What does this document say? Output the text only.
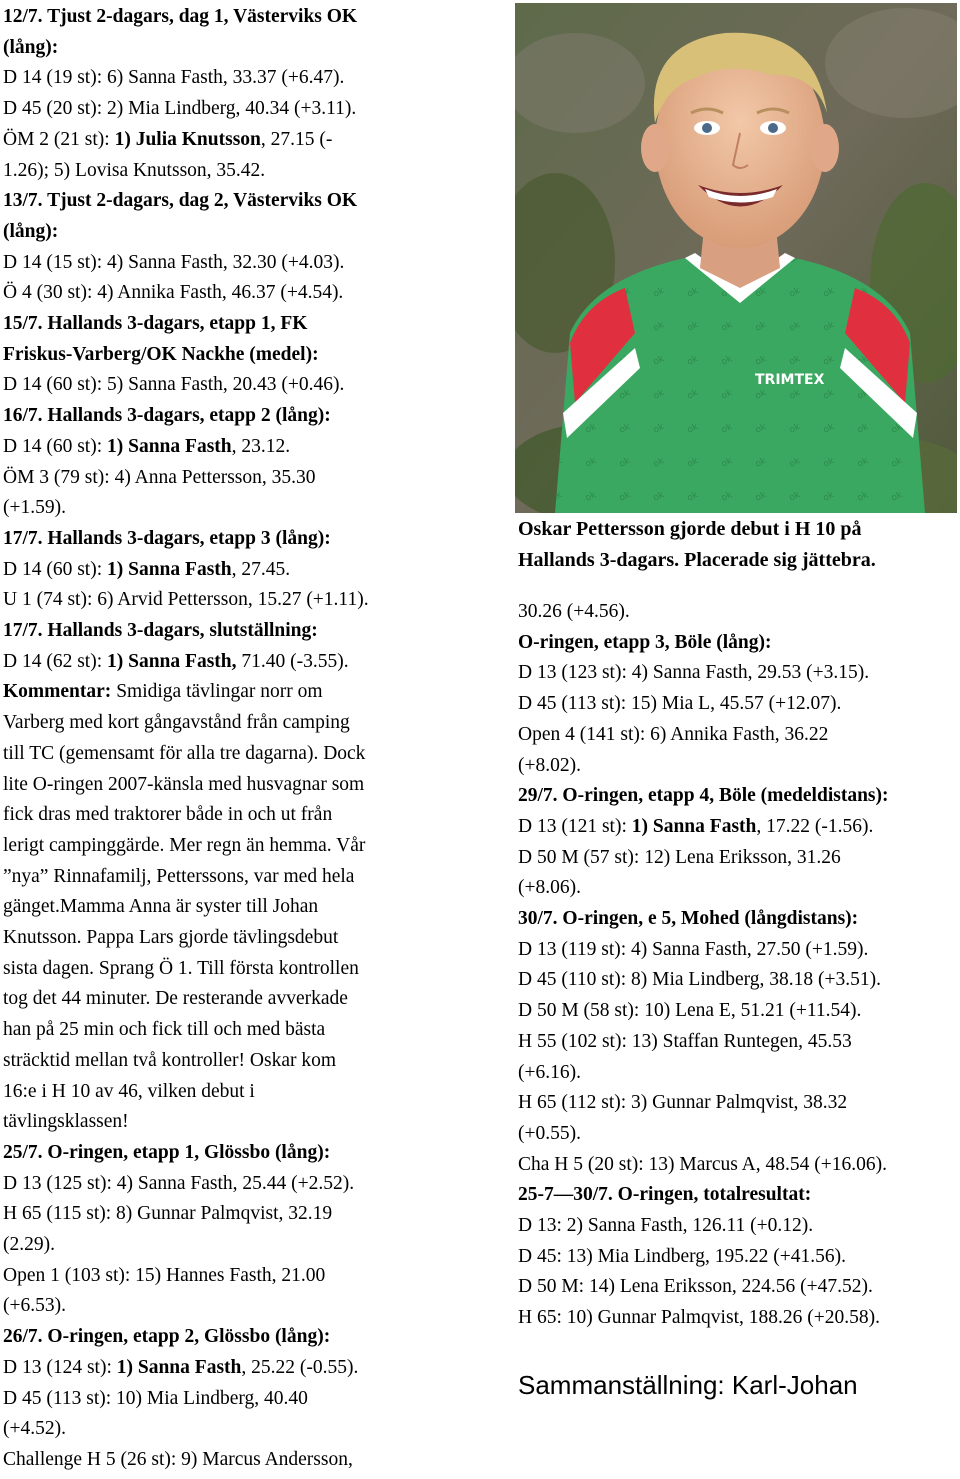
12/7. Tjust 2-dagars, dag 1, Västerviks OK
(lång):
D 14 (19 st): 6) Sanna Fasth, 33.37 (+6.47).
D 45 (20 st): 2) Mia Lindberg, 40.34 (+3.11).
ÖM 2 (21 st): 1) Julia Knutsson, 27.15 (-
1.26); 5) Lovisa Knutsson, 35.42.
13/7. Tjust 2-dagars, dag 2, Västerviks OK
(lång):
D 14 (15 st): 4) Sanna Fasth, 32.30 (+4.03).
Ö 4 (30 st): 4) Annika Fasth, 46.37 (+4.54).
15/7. Hallands 3-dagars, etapp 1, FK
Friskus-Varberg/OK Nackhe (medel):
D 14 (60 st): 5) Sanna Fasth, 20.43 (+0.46).
16/7. Hallands 3-dagars, etapp 2 (lång):
D 14 (60 st): 1) Sanna Fasth, 23.12.
ÖM 3 (79 st): 4) Anna Pettersson, 35.30
(+1.59).
17/7. Hallands 3-dagars, etapp 3 (lång):
D 14 (60 st): 1) Sanna Fasth, 27.45.
U 1 (74 st): 6) Arvid Pettersson, 15.27 (+1.11).
17/7. Hallands 3-dagars, slutställning:
D 14 (62 st): 1) Sanna Fasth, 71.40 (-3.55).
Kommentar: Smidiga tävlingar norr om
Varberg med kort gångavstånd från camping
till TC (gemensamt för alla tre dagarna). Dock
lite O-ringen 2007-känsla med husvagnar som
fick dras med traktorer både in och ut från
lerigt campinggärde. Mer regn än hemma. Vår
”nya” Rinnafamilj, Petterssons, var med hela
gänget.Mamma Anna är syster till Johan
Knutsson. Pappa Lars gjorde tävlingsdebut
sista dagen. Sprang Ö 1. Till första kontrollen
tog det 44 minuter. De resterande avverkade
han på 25 min och fick till och med bästa
sträcktid mellan två kontroller! Oskar kom
16:e i H 10 av 46, vilken debut i
tävlingsklassen!
25/7. O-ringen, etapp 1, Glössbo (lång):
D 13 (125 st): 4) Sanna Fasth, 25.44 (+2.52).
H 65 (115 st): 8) Gunnar Palmqvist, 32.19
(2.29).
Open 1 (103 st): 15) Hannes Fasth, 21.00
(+6.53).
26/7. O-ringen, etapp 2, Glössbo (lång):
D 13 (124 st): 1) Sanna Fasth, 25.22 (-0.55).
D 45 (113 st): 10) Mia Lindberg, 40.40
(+4.52).
Challenge H 5 (26 st): 9) Marcus Andersson,
TRIMTEX
Oskar Pettersson gjorde debut i H 10 på
Hallands 3-dagars. Placerade sig jättebra.
30.26 (+4.56).
O-ringen, etapp 3, Böle (lång):
D 13 (123 st): 4) Sanna Fasth, 29.53 (+3.15).
D 45 (113 st): 15) Mia L, 45.57 (+12.07).
Open 4 (141 st): 6) Annika Fasth, 36.22
(+8.02).
29/7. O-ringen, etapp 4, Böle (medeldistans):
D 13 (121 st): 1) Sanna Fasth, 17.22 (-1.56).
D 50 M (57 st): 12) Lena Eriksson, 31.26
(+8.06).
30/7. O-ringen, e 5, Mohed (långdistans):
D 13 (119 st): 4) Sanna Fasth, 27.50 (+1.59).
D 45 (110 st): 8) Mia Lindberg, 38.18 (+3.51).
D 50 M (58 st): 10) Lena E, 51.21 (+11.54).
H 55 (102 st): 13) Staffan Runtegen, 45.53
(+6.16).
H 65 (112 st): 3) Gunnar Palmqvist, 38.32
(+0.55).
Cha H 5 (20 st): 13) Marcus A, 48.54 (+16.06).
25-7—30/7. O-ringen, totalresultat:
D 13: 2) Sanna Fasth, 126.11 (+0.12).
D 45: 13) Mia Lindberg, 195.22 (+41.56).
D 50 M: 14) Lena Eriksson, 224.56 (+47.52).
H 65: 10) Gunnar Palmqvist, 188.26 (+20.58).
Sammanställning: Karl-Johan
